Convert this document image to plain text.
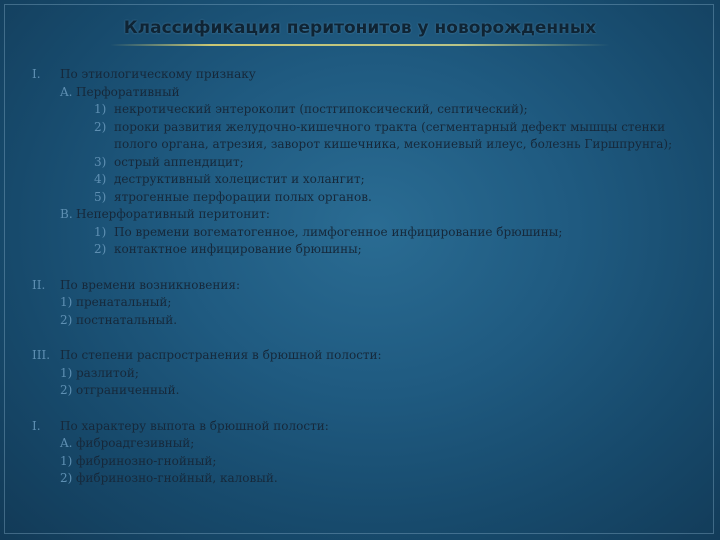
Классификация перитонитов у новорожденных
I.	По этиологическому признаку
A. Перфоративный
1) некротический энтероколит (постгипоксический, септический);
2) пороки развития желудочно-кишечного тракта (сегментарный дефект мышцы стенки полого органа, атрезия, заворот кишечника, мекониевый илеус, болезнь Гиршпрунга);
3) острый аппендицит;
4) деструктивный холецистит и холангит;
5) ятрогенные перфорации полых органов.
B. Неперфоративный перитонит:
1) По времени вогематогенное, лимфогенное инфицирование брюшины;
2) контактное инфицирование брюшины;
II.	По времени возникновения:
1) пренатальный;
2) постнатальный.
III. По степени распространения в брюшной полости:
1) разлитой;
2) отграниченный.
I.	По характеру выпота в брюшной полости:
A. фиброадгезивный;
1) фибринозно-гнойный;
2) фибринозно-гнойный, каловый.
